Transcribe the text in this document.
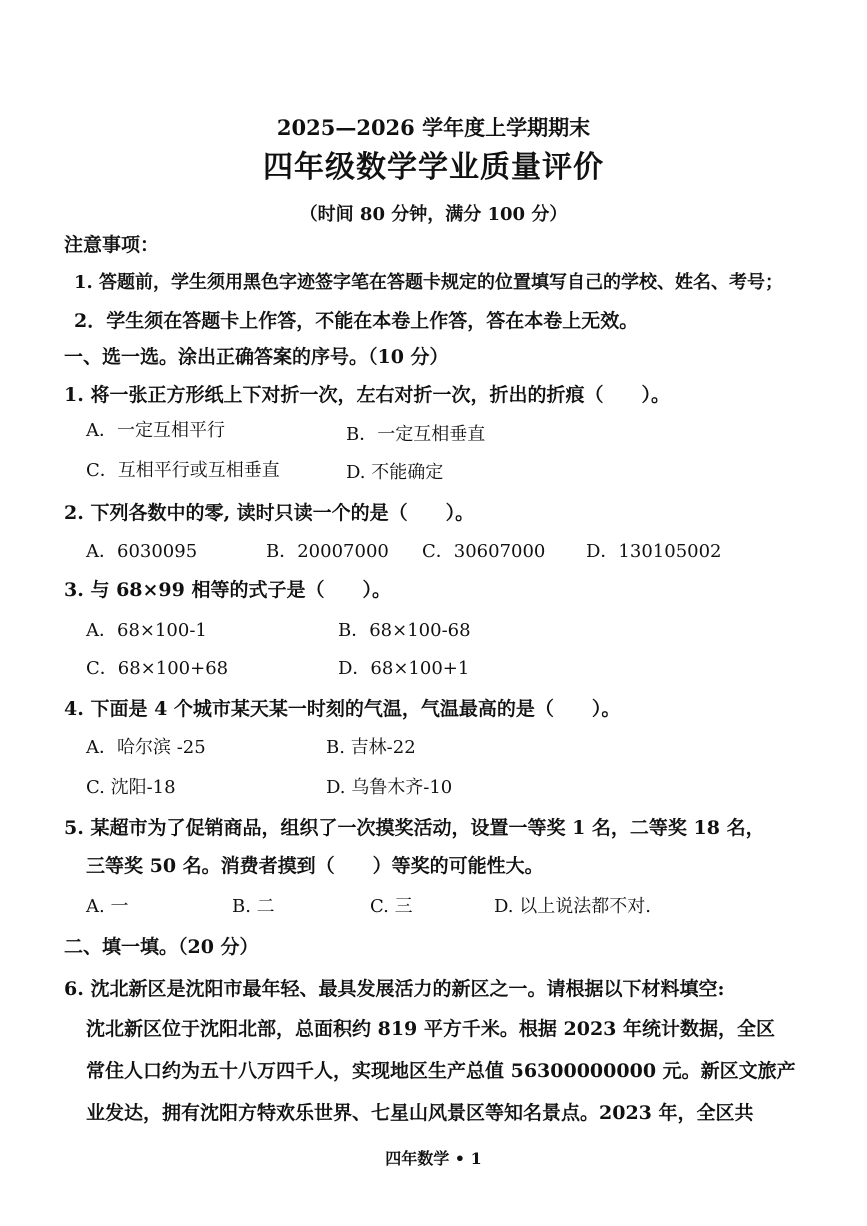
2025—2026 学年度上学期期末
四年级数学学业质量评价
（时间 80 分钟，满分 100 分）
注意事项：
1. 答题前，学生须用黑色字迹签字笔在答题卡规定的位置填写自己的学校、姓名、考号；
2．学生须在答题卡上作答，不能在本卷上作答，答在本卷上无效。
一、选一选。涂出正确答案的序号。（10 分）
1. 将一张正方形纸上下对折一次，左右对折一次，折出的折痕（　　）。
A．一定互相平行	B．一定互相垂直
C．互相平行或互相垂直	D. 不能确定
2. 下列各数中的零, 读时只读一个的是（　　）。
A．6030095	B．20007000 C．30607000 D．130105002
3. 与 68×99 相等的式子是（　　）。
A．68×100-1	B．68×100-68
C．68×100+68	D．68×100+1
4. 下面是 4 个城市某天某一时刻的气温，气温最高的是（　　）。
A．哈尔滨 -25	B. 吉林-22
C. 沈阳-18	D. 乌鲁木齐-10
5. 某超市为了促销商品，组织了一次摸奖活动，设置一等奖 1 名，二等奖 18 名，
三等奖 50 名。消费者摸到（　　）等奖的可能性大。
A. 一	B. 二	C. 三	D. 以上说法都不对.
二、填一填。（20 分）
6. 沈北新区是沈阳市最年轻、最具发展活力的新区之一。请根据以下材料填空:
沈北新区位于沈阳北部，总面积约 819 平方千米。根据 2023 年统计数据，全区
常住人口约为五十八万四千人，实现地区生产总值 56300000000 元。新区文旅产
业发达，拥有沈阳方特欢乐世界、七星山风景区等知名景点。2023 年，全区共
四年数学 • 1
